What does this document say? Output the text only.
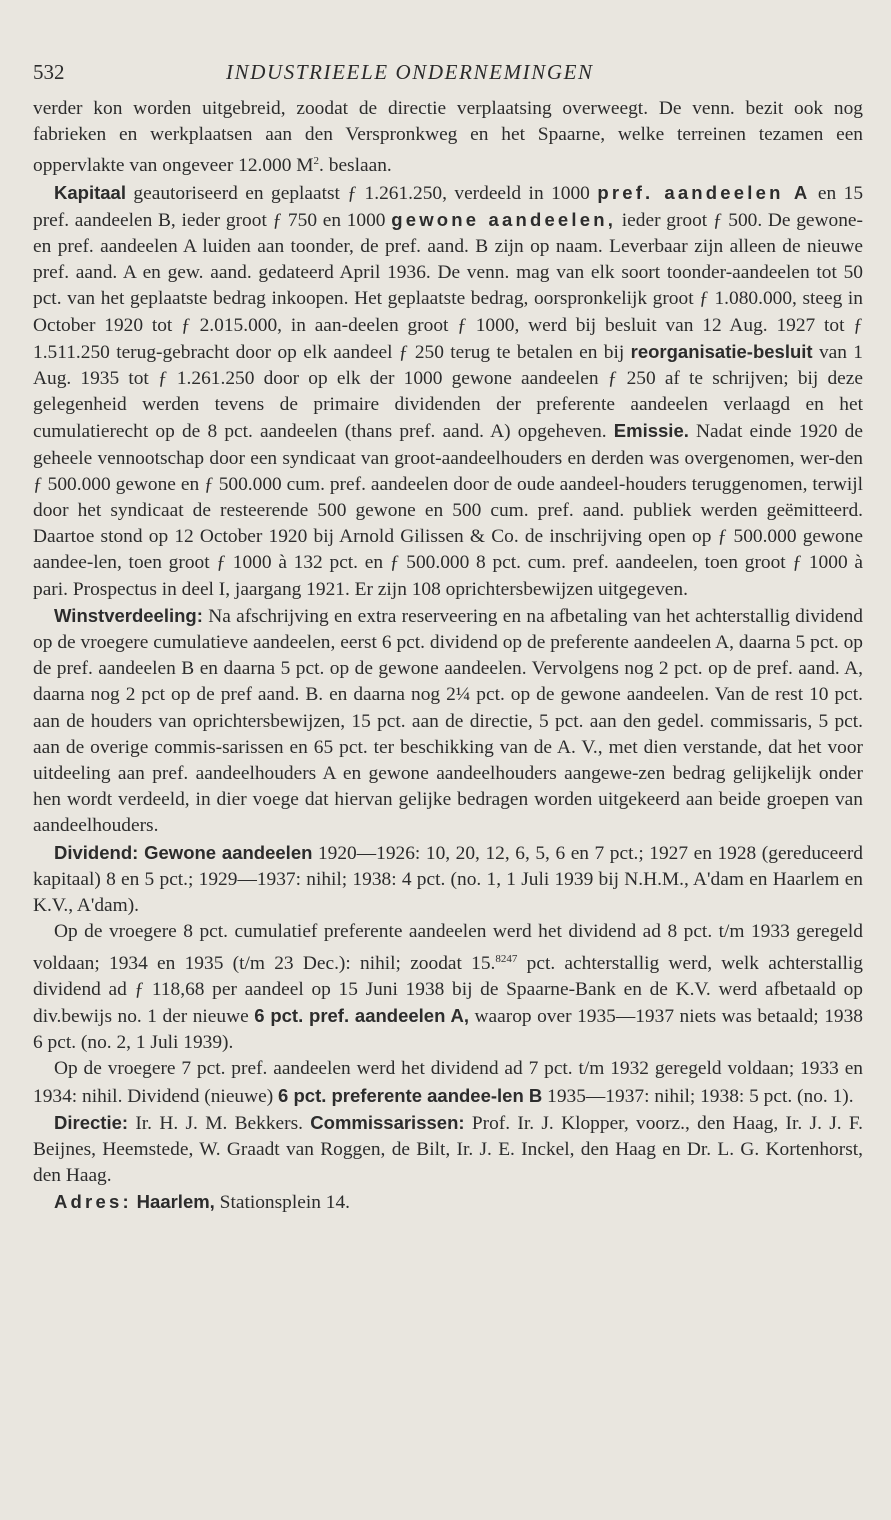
532	INDUSTRIEELE ONDERNEMINGEN

verder kon worden uitgebreid, zoodat de directie verplaatsing overweegt. De venn. bezit ook nog fabrieken en werkplaatsen aan den Verspronkweg en het Spaarne, welke terreinen tezamen een oppervlakte van ongeveer 12.000 $M^2$. beslaan.

Kapitaal geautoriseerd en geplaatst ƒ 1.261.250, verdeeld in 1000 pref. aandeelen A en 15 pref. aandeelen B, ieder groot ƒ 750 en 1000 gewone aandeelen, ieder groot ƒ 500. De gewone- en pref. aandeelen A luiden aan toonder, de pref. aand. B zijn op naam. Leverbaar zijn alleen de nieuwe pref. aand. A en gew. aand. gedateerd April 1936. De venn. mag van elk soort toonder-aandeelen tot 50 pct. van het geplaatste bedrag inkoopen. Het geplaatste bedrag, oorspronkelijk groot ƒ 1.080.000, steeg in October 1920 tot ƒ 2.015.000, in aan-deelen groot ƒ 1000, werd bij besluit van 12 Aug. 1927 tot ƒ 1.511.250 terug-gebracht door op elk aandeel ƒ 250 terug te betalen en bij reorganisatie-besluit van 1 Aug. 1935 tot ƒ 1.261.250 door op elk der 1000 gewone aandeelen ƒ 250 af te schrijven; bij deze gelegenheid werden tevens de primaire dividenden der preferente aandeelen verlaagd en het cumulatierecht op de 8 pct. aandeelen (thans pref. aand. A) opgeheven. Emissie. Nadat einde 1920 de geheele vennootschap door een syndicaat van groot-aandeelhouders en derden was overgenomen, wer-den ƒ 500.000 gewone en ƒ 500.000 cum. pref. aandeelen door de oude aandeel-houders teruggenomen, terwijl door het syndicaat de resteerende 500 gewone en 500 cum. pref. aand. publiek werden geëmitteerd. Daartoe stond op 12 October 1920 bij Arnold Gilissen & Co. de inschrijving open op ƒ 500.000 gewone aandee-len, toen groot ƒ 1000 à 132 pct. en ƒ 500.000 8 pct. cum. pref. aandeelen, toen groot ƒ 1000 à pari. Prospectus in deel I, jaargang 1921. Er zijn 108 oprichtersbewijzen uitgegeven.

Winstverdeeling: Na afschrijving en extra reserveering en na afbetaling van het achterstallig dividend op de vroegere cumulatieve aandeelen, eerst 6 pct. dividend op de preferente aandeelen A, daarna 5 pct. op de pref. aandeelen B en daarna 5 pct. op de gewone aandeelen. Vervolgens nog 2 pct. op de pref. aand. A, daarna nog 2 pct op de pref aand. B. en daarna nog 2¼ pct. op de gewone aandeelen. Van de rest 10 pct. aan de houders van oprichtersbewijzen, 15 pct. aan de directie, 5 pct. aan den gedel. commissaris, 5 pct. aan de overige commis-sarissen en 65 pct. ter beschikking van de A. V., met dien verstande, dat het voor uitdeeling aan pref. aandeelhouders A en gewone aandeelhouders aangewe-zen bedrag gelijkelijk onder hen wordt verdeeld, in dier voege dat hiervan gelijke bedragen worden uitgekeerd aan beide groepen van aandeelhouders.

Dividend: Gewone aandeelen 1920—1926: 10, 20, 12, 6, 5, 6 en 7 pct.; 1927 en 1928 (gereduceerd kapitaal) 8 en 5 pct.; 1929—1937: nihil; 1938: 4 pct. (no. 1, 1 Juli 1939 bij N.H.M., A'dam en Haarlem en K.V., A'dam).

Op de vroegere 8 pct. cumulatief preferente aandeelen werd het dividend ad 8 pct. t/m 1933 geregeld voldaan; 1934 en 1935 (t/m 23 Dec.): nihil; zoodat 15.$^{8247}$ pct. achterstallig werd, welk achterstallig dividend ad ƒ 118,68 per aandeel op 15 Juni 1938 bij de Spaarne-Bank en de K.V. werd afbetaald op div.bewijs no. 1 der nieuwe 6 pct. pref. aandeelen A, waarop over 1935—1937 niets was betaald; 1938 6 pct. (no. 2, 1 Juli 1939).

Op de vroegere 7 pct. pref. aandeelen werd het dividend ad 7 pct. t/m 1932 geregeld voldaan; 1933 en 1934: nihil. Dividend (nieuwe) 6 pct. preferente aandee-len B 1935—1937: nihil; 1938: 5 pct. (no. 1).

Directie: Ir. H. J. M. Bekkers. Commissarissen: Prof. Ir. J. Klopper, voorz., den Haag, Ir. J. J. F. Beijnes, Heemstede, W. Graadt van Roggen, de Bilt, Ir. J. E. Inckel, den Haag en Dr. L. G. Kortenhorst, den Haag.

Adres: Haarlem, Stationsplein 14.
